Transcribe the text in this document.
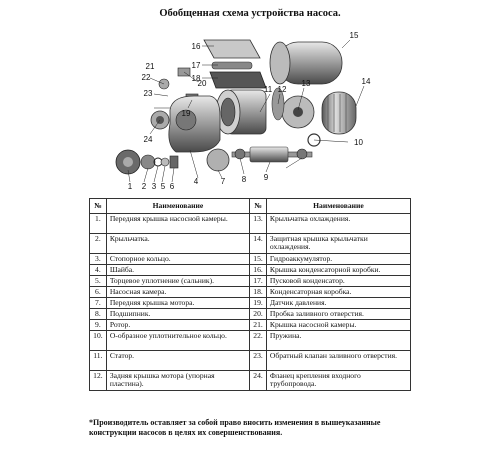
Обобщенная схема устройства насоса.
1 2 3
4
5 6
7 8 9
10
11 12
13	14
15
16
17
18
19
20
21
22
23
24
№	Наименование	№	Наименование
1.	Передняя крышка насосной камеры.	13.	Крыльчатка охлаждения.
2.	Крыльчатка.	14.	Защитная крышка крыльчатки охлаждения.
3.	Стопорное кольцо.	15.	Гидроаккумулятор.
4.	Шайба.	16.	Крышка конденсаторной коробки.
5.	Торцевое уплотнение (сальник).	17.	Пусковой конденсатор.
6.	Насосная камера.	18.	Конденсаторная коробка.
7.	Передняя крышка мотора.	19.	Датчик давления.
8.	Подшипник.	20.	Пробка заливного отверстия.
9.	Ротор.	21.	Крышка насосной камеры.
10.	О-образное уплотнительное кольцо.	22.	Пружина.
11.	Статор.	23.	Обратный клапан заливного отверстия.
12.	Задняя крышка мотора (упорная пластина).	24.	Фланец крепления входного трубопровода.
*Производитель оставляет за собой право вносить изменения в вышеуказанные конструкции насосов в целях их совершенствования.
